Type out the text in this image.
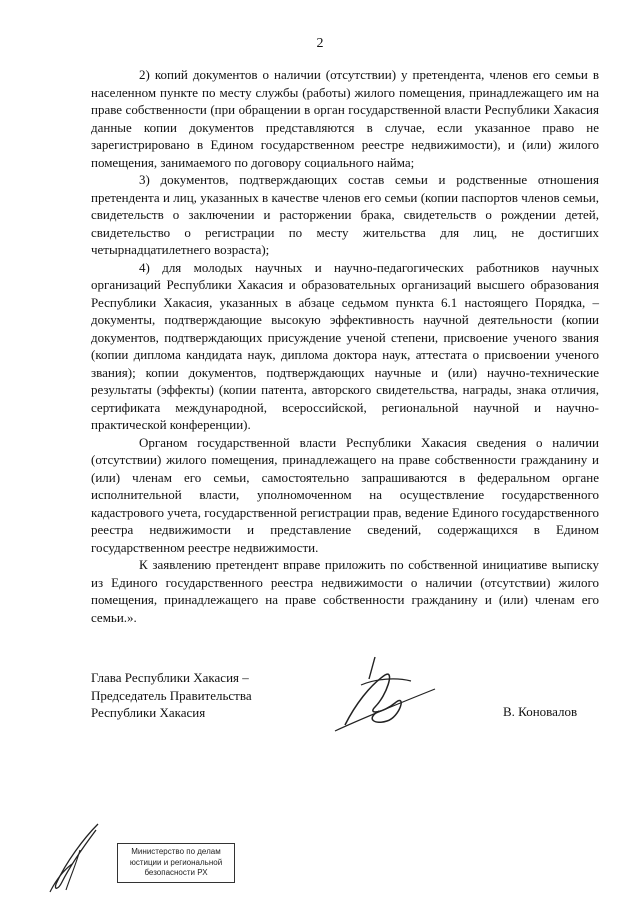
2

2) копий документов о наличии (отсутствии) у претендента, членов его семьи в населенном пункте по месту службы (работы) жилого помещения, принадлежащего им на праве собственности (при обращении в орган государственной власти Республики Хакасия данные копии документов представляются в случае, если указанное право не зарегистрировано в Едином государственном реестре недвижимости), и (или) жилого помещения, занимаемого по договору социального найма;

3) документов, подтверждающих состав семьи и родственные отношения претендента и лиц, указанных в качестве членов его семьи (копии паспортов членов семьи, свидетельств о заключении и расторжении брака, свидетельств о рождении детей, свидетельство о регистрации по месту жительства для лиц, не достигших четырнадцатилетнего возраста);

4) для молодых научных и научно-педагогических работников научных организаций Республики Хакасия и образовательных организаций высшего образования Республики Хакасия, указанных в абзаце седьмом пункта 6.1 настоящего Порядка, – документы, подтверждающие высокую эффективность научной деятельности (копии документов, подтверждающих присуждение ученой степени, присвоение ученого звания (копии диплома кандидата наук, диплома доктора наук, аттестата о присвоении ученого звания); копии документов, подтверждающих научные и (или) научно-технические результаты (эффекты) (копии патента, авторского свидетельства, награды, знака отличия, сертификата международной, всероссийской, региональной научной и научно-практической конференции).

Органом государственной власти Республики Хакасия сведения о наличии (отсутствии) жилого помещения, принадлежащего на праве собственности гражданину и (или) членам его семьи, самостоятельно запрашиваются в федеральном органе исполнительной власти, уполномоченном на осуществление государственного кадастрового учета, государственной регистрации прав, ведение Единого государственного реестра недвижимости и представление сведений, содержащихся в Едином государственном реестре недвижимости.

К заявлению претендент вправе приложить по собственной инициативе выписку из Единого государственного реестра недвижимости о наличии (отсутствии) жилого помещения, принадлежащего на праве собственности гражданину и (или) членам его семьи.».

Глава Республики Хакасия –
Председатель Правительства
Республики Хакасия	В. Коновалов
Министерство по делам
юстиции и региональной
безопасности РХ
